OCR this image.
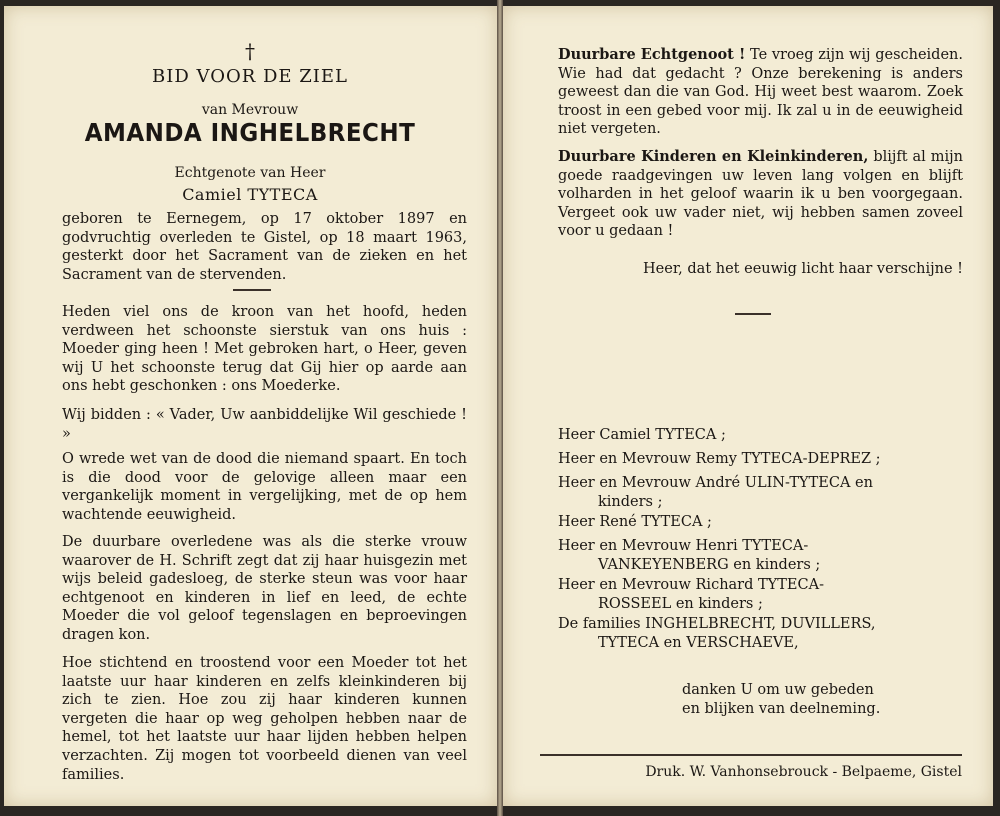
†
BID VOOR DE ZIEL
van Mevrouw
AMANDA INGHELBRECHT
Echtgenote van Heer
Camiel TYTECA
geboren te Eernegem, op 17 oktober 1897 en godvruchtig overleden te Gistel, op 18 maart 1963, gesterkt door het Sacrament van de zieken en het Sacrament van de stervenden.
Heden viel ons de kroon van het hoofd, heden verdween het schoonste sierstuk van ons huis : Moeder ging heen ! Met gebroken hart, o Heer, geven wij U het schoonste terug dat Gij hier op aarde aan ons hebt geschonken : ons Moederke.
Wij bidden : « Vader, Uw aanbiddelijke Wil geschiede ! »
O wrede wet van de dood die niemand spaart. En toch is die dood voor de gelovige alleen maar een vergankelijk moment in vergelijking, met de op hem wachtende eeuwigheid.
De duurbare overledene was als die sterke vrouw waarover de H. Schrift zegt dat zij haar huisgezin met wijs beleid gadesloeg, de sterke steun was voor haar echtgenoot en kinderen in lief en leed, de echte Moeder die vol geloof tegenslagen en beproevingen dragen kon.
Hoe stichtend en troostend voor een Moeder tot het laatste uur haar kinderen en zelfs kleinkinderen bij zich te zien. Hoe zou zij haar kinderen kunnen vergeten die haar op weg geholpen hebben naar de hemel, tot het laatste uur haar lijden hebben helpen verzachten. Zij mogen tot voorbeeld dienen van veel families.
Duurbare Echtgenoot ! Te vroeg zijn wij gescheiden. Wie had dat gedacht ? Onze berekening is anders geweest dan die van God. Hij weet best waarom. Zoek troost in een gebed voor mij. Ik zal u in de eeuwigheid niet vergeten.
Duurbare Kinderen en Kleinkinderen, blijft al mijn goede raadgevingen uw leven lang volgen en blijft volharden in het geloof waarin ik u ben voorgegaan. Vergeet ook uw vader niet, wij hebben samen zoveel voor u gedaan !
Heer, dat het eeuwig licht haar verschijne !
Heer Camiel TYTECA ;
Heer en Mevrouw Remy TYTECA-DEPREZ ;
Heer en Mevrouw André ULIN-TYTECA en
kinders ;
Heer René TYTECA ;
Heer en Mevrouw Henri TYTECA-
VANKEYENBERG en kinders ;
Heer en Mevrouw Richard TYTECA-
ROSSEEL en kinders ;
De families INGHELBRECHT, DUVILLERS,
TYTECA en VERSCHAEVE,
danken U om uw gebeden
en blijken van deelneming.
Druk. W. Vanhonsebrouck - Belpaeme, Gistel
